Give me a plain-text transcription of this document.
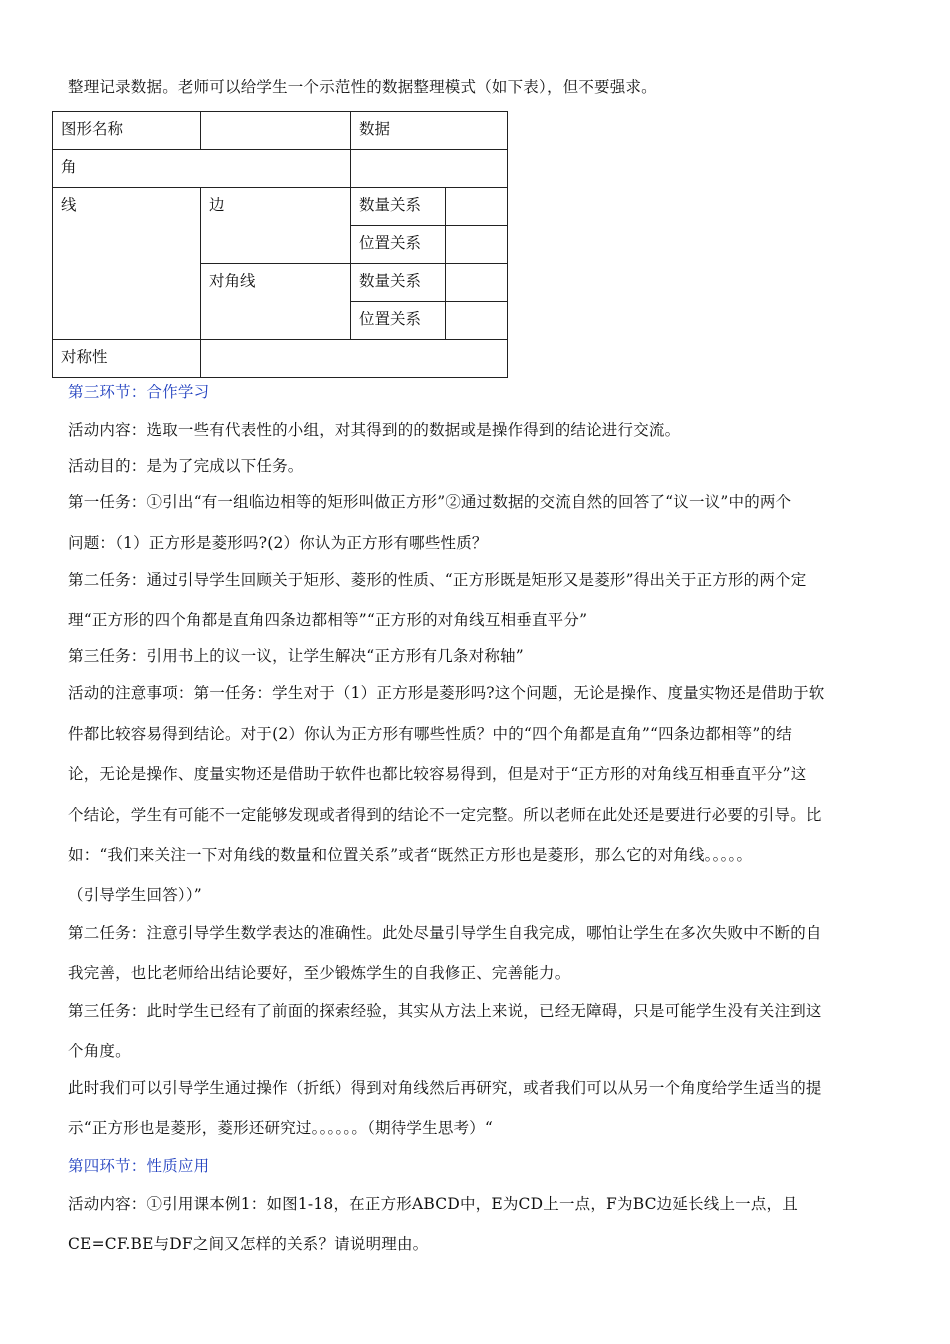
整理记录数据。老师可以给学生一个示范性的数据整理模式（如下表），但不要强求。
图形名称		数据	
角			
线	边	数量关系	
		位置关系	
	对角线	数量关系	
		位置关系	
对称性			
第三环节：合作学习
活动内容：选取一些有代表性的小组，对其得到的的数据或是操作得到的结论进行交流。
活动目的：是为了完成以下任务。
第一任务：①引出“有一组临边相等的矩形叫做正方形”②通过数据的交流自然的回答了“议一议”中的两个
问题：（1）正方形是菱形吗?(2）你认为正方形有哪些性质？
第二任务：通过引导学生回顾关于矩形、菱形的性质、“正方形既是矩形又是菱形”得出关于正方形的两个定
理“正方形的四个角都是直角四条边都相等”“正方形的对角线互相垂直平分”
第三任务：引用书上的议一议，让学生解决“正方形有几条对称轴”
活动的注意事项：第一任务：学生对于（1）正方形是菱形吗?这个问题，无论是操作、度量实物还是借助于软
件都比较容易得到结论。对于(2）你认为正方形有哪些性质？中的“四个角都是直角”“四条边都相等”的结
论，无论是操作、度量实物还是借助于软件也都比较容易得到，但是对于“正方形的对角线互相垂直平分”这
个结论，学生有可能不一定能够发现或者得到的结论不一定完整。所以老师在此处还是要进行必要的引导。比
如：“我们来关注一下对角线的数量和位置关系”或者“既然正方形也是菱形，那么它的对角线。。。。。
（引导学生回答））”
第二任务：注意引导学生数学表达的准确性。此处尽量引导学生自我完成，哪怕让学生在多次失败中不断的自
我完善，也比老师给出结论要好，至少锻炼学生的自我修正、完善能力。
第三任务：此时学生已经有了前面的探索经验，其实从方法上来说，已经无障碍，只是可能学生没有关注到这
个角度。
此时我们可以引导学生通过操作（折纸）得到对角线然后再研究，或者我们可以从另一个角度给学生适当的提
示“正方形也是菱形，菱形还研究过。。。。。。（期待学生思考）“
第四环节：性质应用
活动内容：①引用课本例1：如图1-18，在正方形ABCD中，E为CD上一点，F为BC边延长线上一点，且
CE=CF.BE与DF之间又怎样的关系？请说明理由。
